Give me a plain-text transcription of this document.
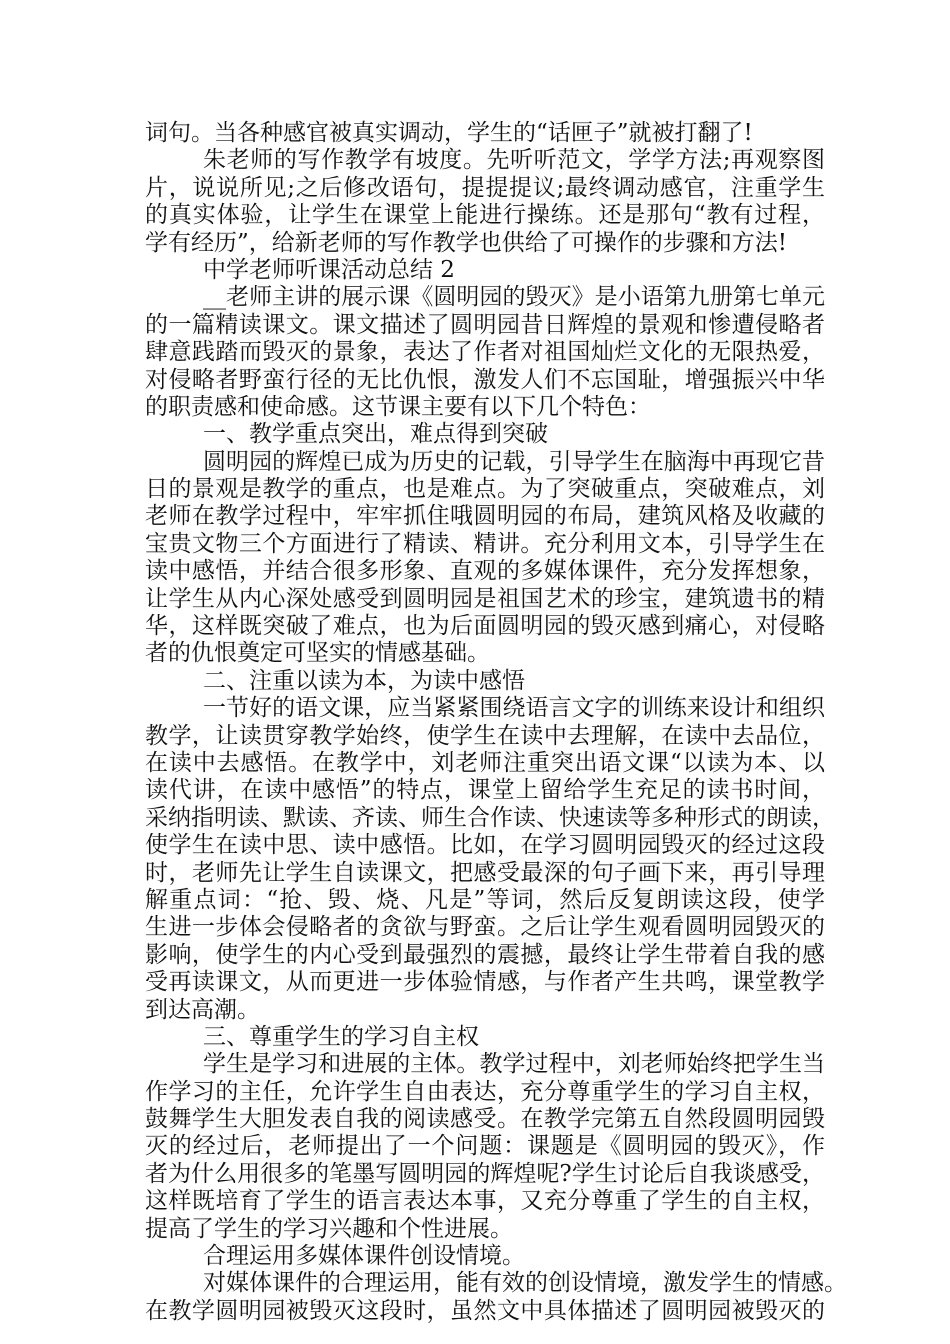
词句。当各种感官被真实调动，学生的“话匣子”就被打翻了!
朱老师的写作教学有坡度。先听听范文，学学方法;再观察图
片，说说所见;之后修改语句，提提提议;最终调动感官，注重学生
的真实体验，让学生在课堂上能进行操练。还是那句“教有过程，
学有经历”，给新老师的写作教学也供给了可操作的步骤和方法!
中学老师听课活动总结 2
__老师主讲的展示课《圆明园的毁灭》是小语第九册第七单元
的一篇精读课文。课文描述了圆明园昔日辉煌的景观和惨遭侵略者
肆意践踏而毁灭的景象，表达了作者对祖国灿烂文化的无限热爱，
对侵略者野蛮行径的无比仇恨，激发人们不忘国耻，增强振兴中华
的职责感和使命感。这节课主要有以下几个特色：
一、教学重点突出，难点得到突破
圆明园的辉煌已成为历史的记载，引导学生在脑海中再现它昔
日的景观是教学的重点，也是难点。为了突破重点，突破难点，刘
老师在教学过程中，牢牢抓住哦圆明园的布局，建筑风格及收藏的
宝贵文物三个方面进行了精读、精讲。充分利用文本，引导学生在
读中感悟，并结合很多形象、直观的多媒体课件，充分发挥想象，
让学生从内心深处感受到圆明园是祖国艺术的珍宝，建筑遗书的精
华，这样既突破了难点，也为后面圆明园的毁灭感到痛心，对侵略
者的仇恨奠定可坚实的情感基础。
二、注重以读为本，为读中感悟
一节好的语文课，应当紧紧围绕语言文字的训练来设计和组织
教学，让读贯穿教学始终，使学生在读中去理解，在读中去品位，
在读中去感悟。在教学中，刘老师注重突出语文课“以读为本、以
读代讲，在读中感悟”的特点，课堂上留给学生充足的读书时间，
采纳指明读、默读、齐读、师生合作读、快速读等多种形式的朗读，
使学生在读中思、读中感悟。比如，在学习圆明园毁灭的经过这段
时，老师先让学生自读课文，把感受最深的句子画下来，再引导理
解重点词：“抢、毁、烧、凡是”等词，然后反复朗读这段，使学
生进一步体会侵略者的贪欲与野蛮。之后让学生观看圆明园毁灭的
影响，使学生的内心受到最强烈的震撼，最终让学生带着自我的感
受再读课文，从而更进一步体验情感，与作者产生共鸣，课堂教学
到达高潮。
三、尊重学生的学习自主权
学生是学习和进展的主体。教学过程中，刘老师始终把学生当
作学习的主任，允许学生自由表达，充分尊重学生的学习自主权，
鼓舞学生大胆发表自我的阅读感受。在教学完第五自然段圆明园毁
灭的经过后，老师提出了一个问题：课题是《圆明园的毁灭》，作
者为什么用很多的笔墨写圆明园的辉煌呢?学生讨论后自我谈感受，
这样既培育了学生的语言表达本事，又充分尊重了学生的自主权，
提高了学生的学习兴趣和个性进展。
合理运用多媒体课件创设情境。
对媒体课件的合理运用，能有效的创设情境，激发学生的情感。
在教学圆明园被毁灭这段时，虽然文中具体描述了圆明园被毁灭的
